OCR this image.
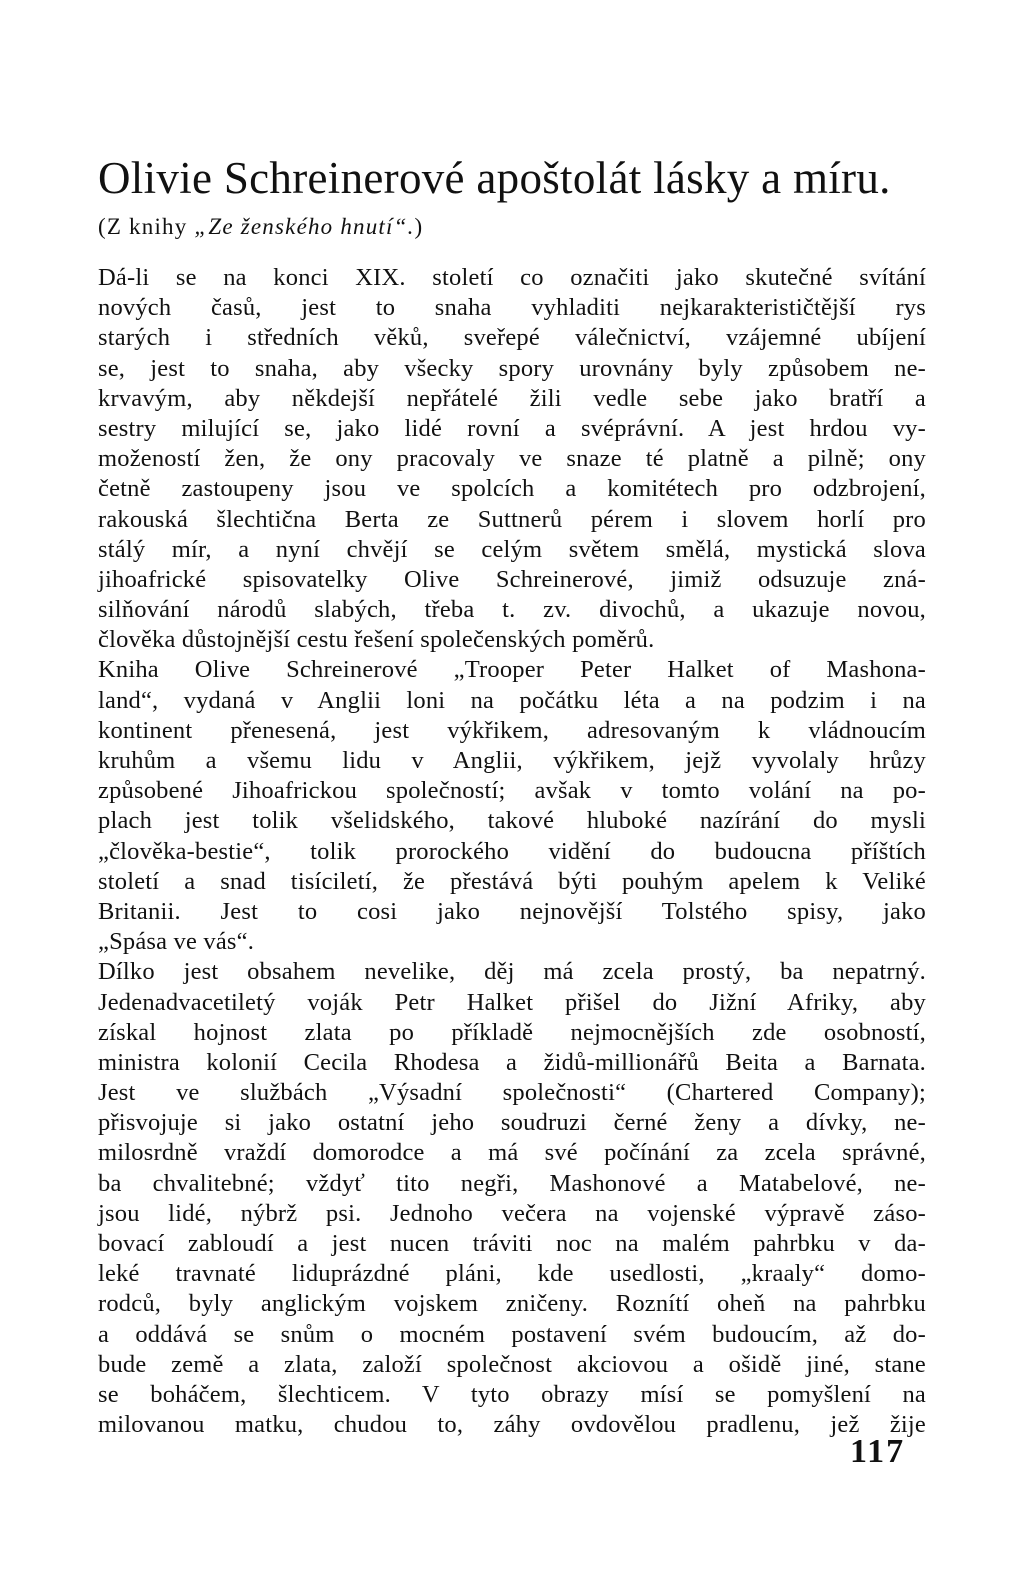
Olivie Schreinerové apoštolát lásky a míru.
(Z knihy „Ze ženského hnutí“.)
Dá-li se na konci XIX. století co označiti jako skutečné svítání
nových časů, jest to snaha vyhladiti nejkarakterističtější rys
starých i středních věků, sveřepé válečnictví, vzájemné ubíjení
se, jest to snaha, aby všecky spory urovnány byly způsobem ne-
krvavým, aby někdejší nepřátelé žili vedle sebe jako bratří a
sestry milující se, jako lidé rovní a svéprávní. A jest hrdou vy-
možeností žen, že ony pracovaly ve snaze té platně a pilně; ony
četně zastoupeny jsou ve spolcích a komitétech pro odzbrojení,
rakouská šlechtična Berta ze Suttnerů pérem i slovem horlí pro
stálý mír, a nyní chvějí se celým světem smělá, mystická slova
jihoafrické spisovatelky Olive Schreinerové, jimiž odsuzuje zná-
silňování národů slabých, třeba t. zv. divochů, a ukazuje novou,
člověka důstojnější cestu řešení společenských poměrů.
Kniha Olive Schreinerové „Trooper Peter Halket of Mashona-
land“, vydaná v Anglii loni na počátku léta a na podzim i na
kontinent přenesená, jest výkřikem, adresovaným k vládnoucím
kruhům a všemu lidu v Anglii, výkřikem, jejž vyvolaly hrůzy
způsobené Jihoafrickou společností; avšak v tomto volání na po-
plach jest tolik všelidského, takové hluboké nazírání do mysli
„člověka-bestie“, tolik prorockého vidění do budoucna příštích
století a snad tisíciletí, že přestává býti pouhým apelem k Veliké
Britanii. Jest to cosi jako nejnovější Tolstého spisy, jako
„Spása ve vás“.
Dílko jest obsahem nevelike, děj má zcela prostý, ba nepatrný.
Jedenadvacetiletý voják Petr Halket přišel do Jižní Afriky, aby
získal hojnost zlata po příkladě nejmocnějších zde osobností,
ministra kolonií Cecila Rhodesa a židů-millionářů Beita a Barnata.
Jest ve službách „Výsadní společnosti“ (Chartered Company);
přisvojuje si jako ostatní jeho soudruzi černé ženy a dívky, ne-
milosrdně vraždí domorodce a má své počínání za zcela správné,
ba chvalitebné; vždyť tito negři, Mashonové a Matabelové, ne-
jsou lidé, nýbrž psi. Jednoho večera na vojenské výpravě záso-
bovací zabloudí a jest nucen tráviti noc na malém pahrbku v da-
leké travnaté liduprázdné pláni, kde usedlosti, „kraaly“ domo-
rodců, byly anglickým vojskem zničeny. Roznítí oheň na pahrbku
a oddává se snům o mocném postavení svém budoucím, až do-
bude země a zlata, založí společnost akciovou a ošidě jiné, stane
se boháčem, šlechticem. V tyto obrazy mísí se pomyšlení na
milovanou matku, chudou to, záhy ovdovělou pradlenu, jež žije
117
